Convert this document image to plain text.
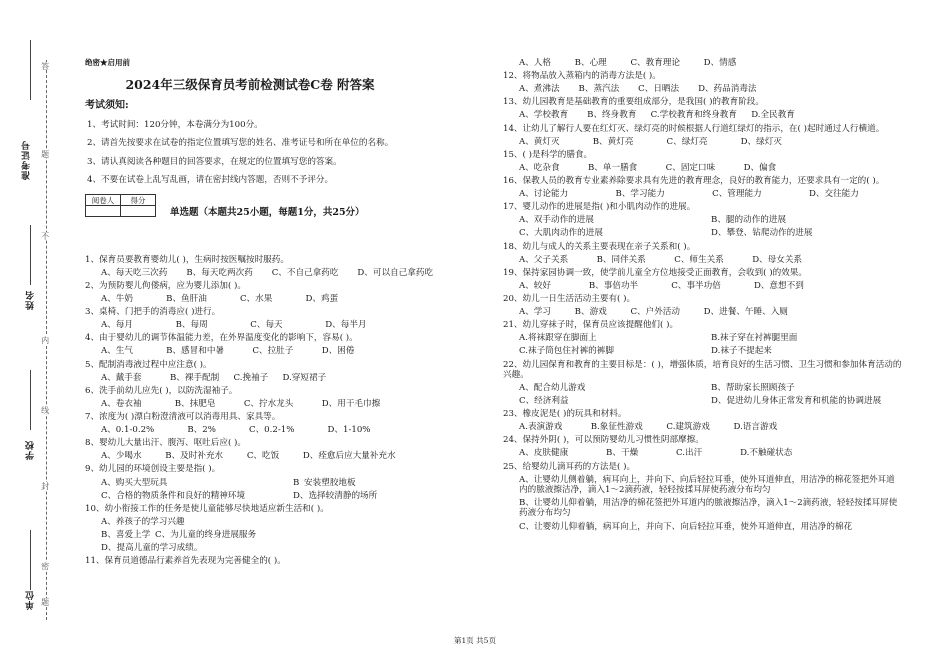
准考证号
姓名
学校
单位
答
题
不
内
线
封
密
题
绝密★启用前
2024年三级保育员考前检测试卷C卷 附答案
考试须知:
1、考试时间：120分钟，本卷满分为100分。
2、请首先按要求在试卷的指定位置填写您的姓名、准考证号和所在单位的名称。
3、请认真阅读各种题目的回答要求，在规定的位置填写您的答案。
4、不要在试卷上乱写乱画，请在密封线内答题，否则不予评分。
阅卷人	得分

单选题（本题共25小题，每题1分，共25分）
1、保育员要教育婴幼儿( )，生病时按医嘱按时服药。
A、每天吃三次药 B、每天吃两次药 C、不自己拿药吃 D、可以自己拿药吃
2、为预防婴儿佝偻病，应为婴儿添加( )。
A、牛奶	B、鱼肝油	C、水果	D、鸡蛋
3、桌椅、门把手的消毒应( )进行。
A、每月	B、每周	C、每天	D、每半月
4、由于婴幼儿的调节体温能力差，在外界温度变化的影响下，容易( )。
A、生气	B、感冒和中暑	C、拉肚子	D、困倦
5、配制消毒液过程中应注意( )。
A、戴手套	B、裸手配制 C.挽袖子 D.穿短裙子
6、洗手前幼儿应先( )，以防洗湿袖子。
A、卷衣袖	B、抹肥皂	C、拧水龙头	D、用干毛巾擦
7、浓度为( )漂白粉澄清液可以消毒用具、家具等。
A、0.1-0.2%	B、2%	C、0.2-1%	D、1-10%
8、婴幼儿大量出汗、腹泻、呕吐后应( )。
A、少喝水	B、及时补充水	C、吃饭	D、痊愈后应大量补充水
9、幼儿园的环境创设主要是指( )。
A、购买大型玩具	B 安装塑胶地板
C、合格的物质条件和良好的精神环境	D、选择较清静的场所
10、幼小衔接工作的任务是使儿童能够尽快地适应新生活和( )。
A、养孩子的学习兴趣
B、喜爱上学 C、为儿童的终身进展服务
D、提高儿童的学习成绩。
11、保育员道德品行素养首先表现为完善健全的( )。
A、人格	B、心理	C、教育理论	D、情感
12、将物品放入蒸箱内的消毒方法是( )。
A、煮沸法 B、蒸汽法 C、日晒法 D、药品消毒法
13、幼儿园教育是基础教育的重要组成部分，是我国( )的教育阶段。
A、学校教育 B、终身教育 C.学校教育和终身教育 D.全民教育
14、让幼儿了解行人要在红灯灭、绿灯亮的时候根据人行道红绿灯的指示，在( )起时通过人行横道。
A、黄灯灭	B、黄灯亮	C、绿灯亮	D、绿灯灭
15、( )是科学的膳食。
A、吃杂食	B、单一膳食	C、固定口味	D、偏食
16、保教人员的教育专业素养除要求具有先进的教育理念，良好的教育能力，还要求具有一定的( )。
A、讨论能力	B、学习能力	C、管理能力	D、交往能力
17、婴儿动作的进展是指( )和小肌肉动作的进展。
A、双手动作的进展	B、腿的动作的进展
C、大肌肉动作的进展	D、攀登、钻爬动作的进展
18、幼儿与成人的关系主要表现在亲子关系和( )。
A、父子关系	B、同伴关系	C、师生关系	D、母女关系
19、保持家园协调一致，使学前儿童全方位地接受正面教育，会收到( )的效果。
A、较好	B、事倍功半	C、事半功倍	D、意想不到
20、幼儿一日生活活动主要有( )。
A、学习	B、游戏	C、户外活动	D、进餐、午睡、入厕
21、幼儿穿袜子时，保育员应该提醒他们( )。
A.将袜跟穿在脚面上	B.袜子穿在衬裤腿里面
C.袜子筒包住衬裤的裤脚	D.袜子不提起来
22、幼儿园保育和教育的主要目标是：( )，增强体质，培育良好的生活习惯、卫生习惯和参加体育活动的兴趣。
A、配合幼儿游戏	B、帮助家长照顾孩子
C、经济利益	D、促进幼儿身体正常发育和机能的协调进展
23、橡皮泥是( )的玩具和材料。
A.表演游戏	B.象征性游戏	C.建筑游戏	D.语言游戏
24、保持外阴( )，可以预防婴幼儿习惯性阴部摩擦。
A、皮肤健康	B、干燥	C.出汗	D.不触碰状态
25、给婴幼儿滴耳药的方法是( )。
A、让婴幼儿侧着躺，病耳向上，并向下、向后轻拉耳垂，使外耳道伸直，用洁净的棉花签把外耳道内的脓液擦洁净，滴入1～2滴药液，轻轻按揉耳屏使药液分布均匀
B、让婴幼儿仰着躺，用洁净的棉花签把外耳道内的脓液擦洁净，滴入1～2滴药液，轻轻按揉耳屏使药液分布均匀
C、让婴幼儿仰着躺，病耳向上，并向下、向后轻拉耳垂，使外耳道伸直，用洁净的棉花
第1页 共5页
